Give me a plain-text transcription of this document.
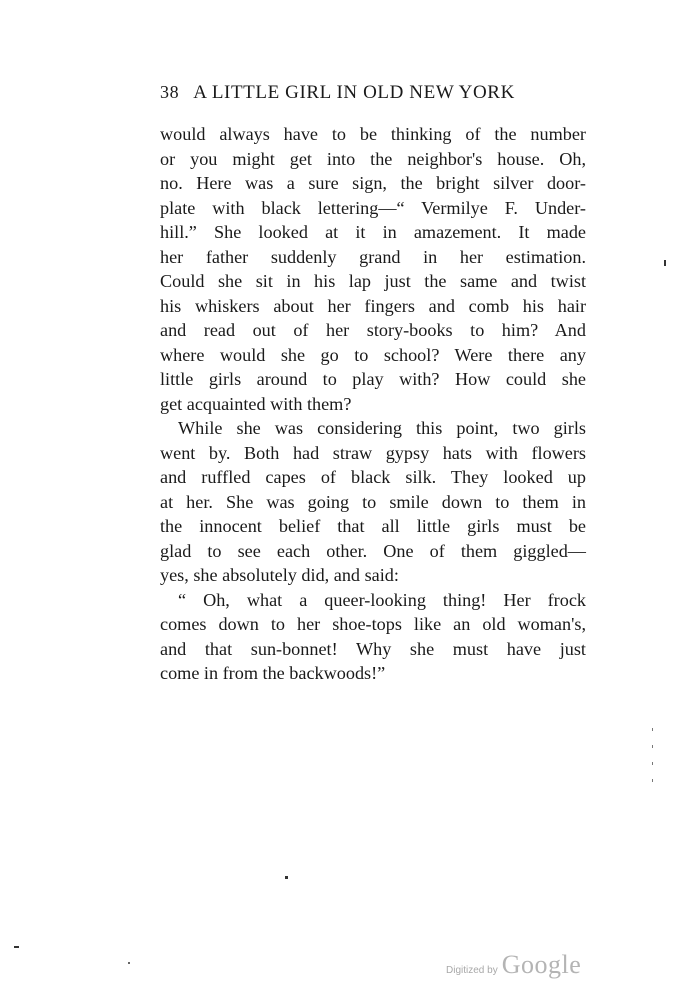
38 A LITTLE GIRL IN OLD NEW YORK
would always have to be thinking of the number
or you might get into the neighbor's house. Oh,
no. Here was a sure sign, the bright silver door-
plate with black lettering—“ Vermilye F. Under-
hill.” She looked at it in amazement. It made
her father suddenly grand in her estimation.
Could she sit in his lap just the same and twist
his whiskers about her fingers and comb his hair
and read out of her story-books to him? And
where would she go to school? Were there any
little girls around to play with? How could she
get acquainted with them?
While she was considering this point, two girls
went by. Both had straw gypsy hats with flowers
and ruffled capes of black silk. They looked up
at her. She was going to smile down to them in
the innocent belief that all little girls must be
glad to see each other. One of them giggled—
yes, she absolutely did, and said:
“ Oh, what a queer-looking thing! Her frock
comes down to her shoe-tops like an old woman's,
and that sun-bonnet! Why she must have just
come in from the backwoods!”
Digitized by Google
